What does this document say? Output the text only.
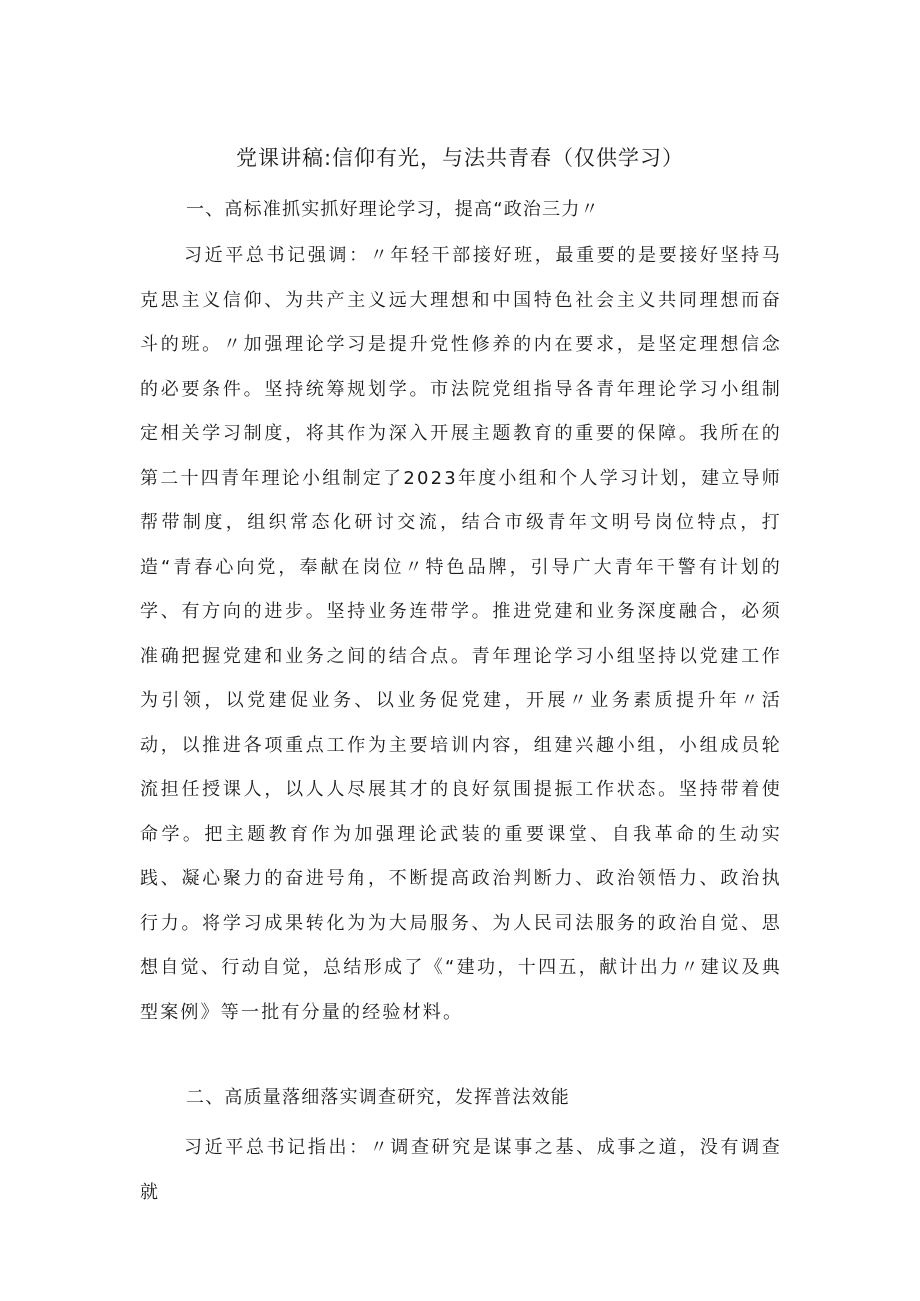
党课讲稿:信仰有光，与法共青春（仅供学习）
一、高标准抓实抓好理论学习，提高“政治三力〃

习近平总书记强调：〃年轻干部接好班，最重要的是要接好坚持马克思主义信仰、为共产主义远大理想和中国特色社会主义共同理想而奋斗的班。〃加强理论学习是提升党性修养的内在要求，是坚定理想信念的必要条件。坚持统筹规划学。市法院党组指导各青年理论学习小组制定相关学习制度，将其作为深入开展主题教育的重要的保障。我所在的第二十四青年理论小组制定了2023年度小组和个人学习计划，建立导师帮带制度，组织常态化研讨交流，结合市级青年文明号岗位特点，打造“青春心向党，奉献在岗位〃特色品牌，引导广大青年干警有计划的学、有方向的进步。坚持业务连带学。推进党建和业务深度融合，必须准确把握党建和业务之间的结合点。青年理论学习小组坚持以党建工作为引领，以党建促业务、以业务促党建，开展〃业务素质提升年〃活动，以推进各项重点工作为主要培训内容，组建兴趣小组，小组成员轮流担任授课人，以人人尽展其才的良好氛围提振工作状态。坚持带着使命学。把主题教育作为加强理论武装的重要课堂、自我革命的生动实践、凝心聚力的奋进号角，不断提高政治判断力、政治领悟力、政治执行力。将学习成果转化为为大局服务、为人民司法服务的政治自觉、思想自觉、行动自觉，总结形成了《“建功，十四五，献计出力〃建议及典型案例》等一批有分量的经验材料。

二、高质量落细落实调查研究，发挥普法效能

习近平总书记指出：〃调查研究是谋事之基、成事之道，没有调查就
